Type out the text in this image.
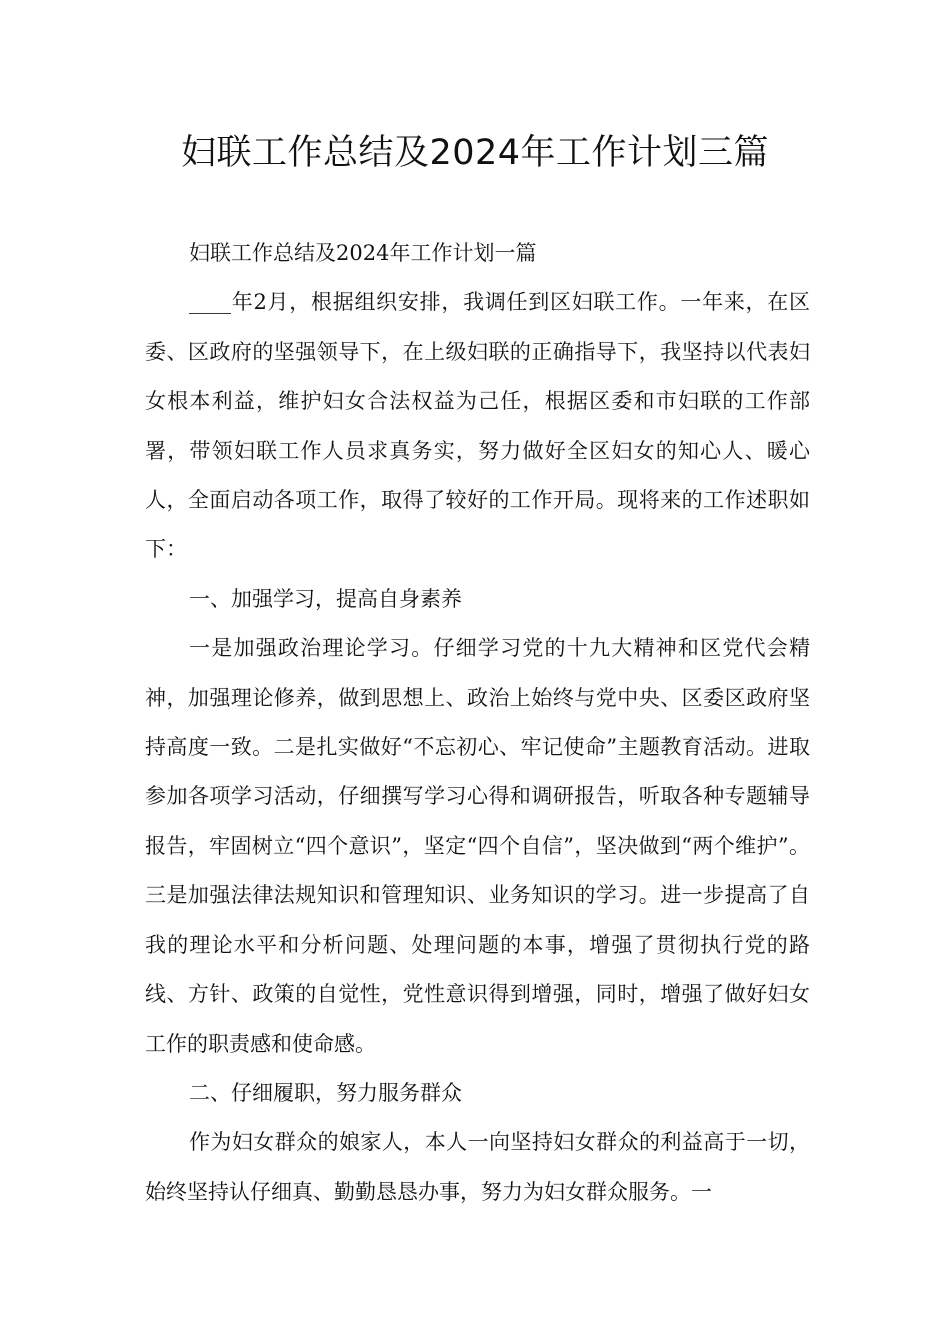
妇联工作总结及2024年工作计划三篇

妇联工作总结及2024年工作计划一篇

____年2月，根据组织安排，我调任到区妇联工作。一年来，在区委、区政府的坚强领导下，在上级妇联的正确指导下，我坚持以代表妇女根本利益，维护妇女合法权益为己任，根据区委和市妇联的工作部署，带领妇联工作人员求真务实，努力做好全区妇女的知心人、暖心人，全面启动各项工作，取得了较好的工作开局。现将来的工作述职如下：

一、加强学习，提高自身素养

一是加强政治理论学习。仔细学习党的十九大精神和区党代会精神，加强理论修养，做到思想上、政治上始终与党中央、区委区政府坚持高度一致。二是扎实做好“不忘初心、牢记使命”主题教育活动。进取参加各项学习活动，仔细撰写学习心得和调研报告，听取各种专题辅导报告，牢固树立“四个意识”，坚定“四个自信”，坚决做到“两个维护”。三是加强法律法规知识和管理知识、业务知识的学习。进一步提高了自我的理论水平和分析问题、处理问题的本事，增强了贯彻执行党的路线、方针、政策的自觉性，党性意识得到增强，同时，增强了做好妇女工作的职责感和使命感。

二、仔细履职，努力服务群众

作为妇女群众的娘家人，本人一向坚持妇女群众的利益高于一切，始终坚持认仔细真、勤勤恳恳办事，努力为妇女群众服务。一
